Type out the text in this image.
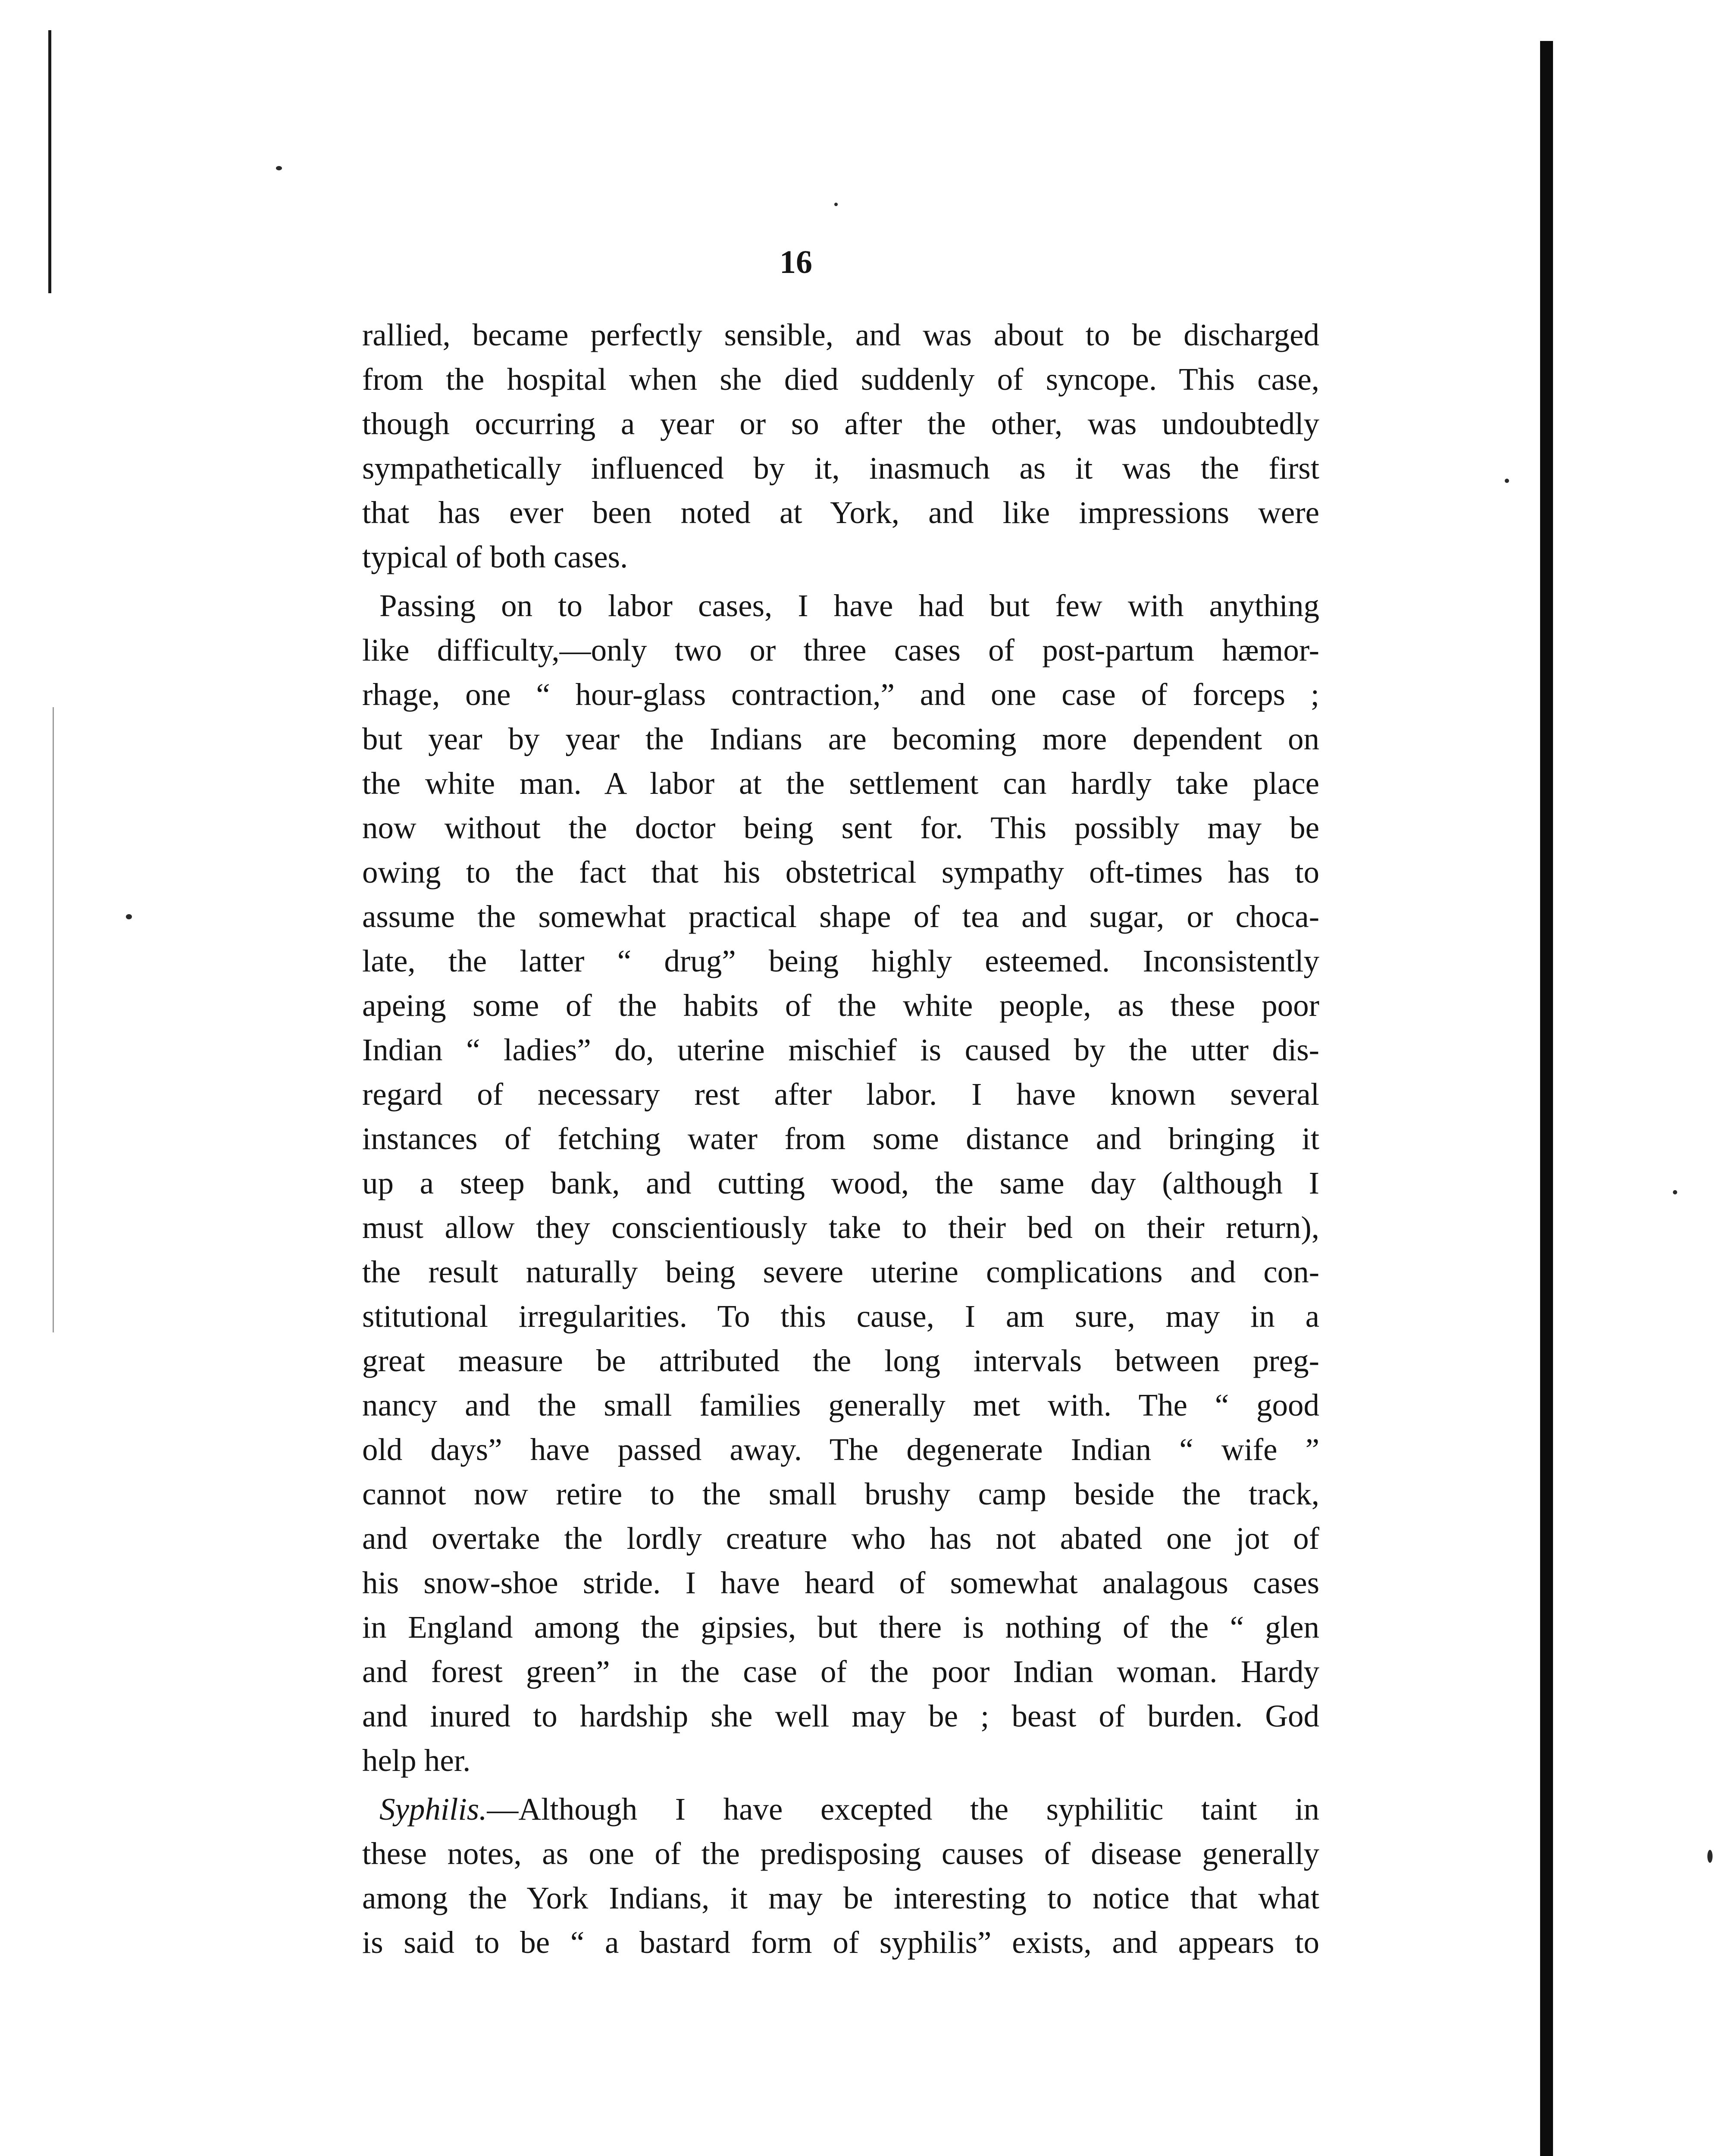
16
rallied, became perfectly sensible, and was about to be discharged
from the hospital when she died suddenly of syncope. This case,
though occurring a year or so after the other, was undoubtedly
sympathetically influenced by it, inasmuch as it was the first
that has ever been noted at York, and like impressions were
typical of both cases.
Passing on to labor cases, I have had but few with anything
like difficulty,—only two or three cases of post-partum hæmor-
rhage, one “ hour-glass contraction,” and one case of forceps ;
but year by year the Indians are becoming more dependent on
the white man. A labor at the settlement can hardly take place
now without the doctor being sent for. This possibly may be
owing to the fact that his obstetrical sympathy oft-times has to
assume the somewhat practical shape of tea and sugar, or choca-
late, the latter “ drug” being highly esteemed. Inconsistently
apeing some of the habits of the white people, as these poor
Indian “ ladies” do, uterine mischief is caused by the utter dis-
regard of necessary rest after labor. I have known several
instances of fetching water from some distance and bringing it
up a steep bank, and cutting wood, the same day (although I
must allow they conscientiously take to their bed on their return),
the result naturally being severe uterine complications and con-
stitutional irregularities. To this cause, I am sure, may in a
great measure be attributed the long intervals between preg-
nancy and the small families generally met with. The “ good
old days” have passed away. The degenerate Indian “ wife ”
cannot now retire to the small brushy camp beside the track,
and overtake the lordly creature who has not abated one jot of
his snow-shoe stride. I have heard of somewhat analagous cases
in England among the gipsies, but there is nothing of the “ glen
and forest green” in the case of the poor Indian woman. Hardy
and inured to hardship she well may be ; beast of burden. God
help her.
Syphilis.—Although I have excepted the syphilitic taint in
these notes, as one of the predisposing causes of disease generally
among the York Indians, it may be interesting to notice that what
is said to be “ a bastard form of syphilis” exists, and appears to
